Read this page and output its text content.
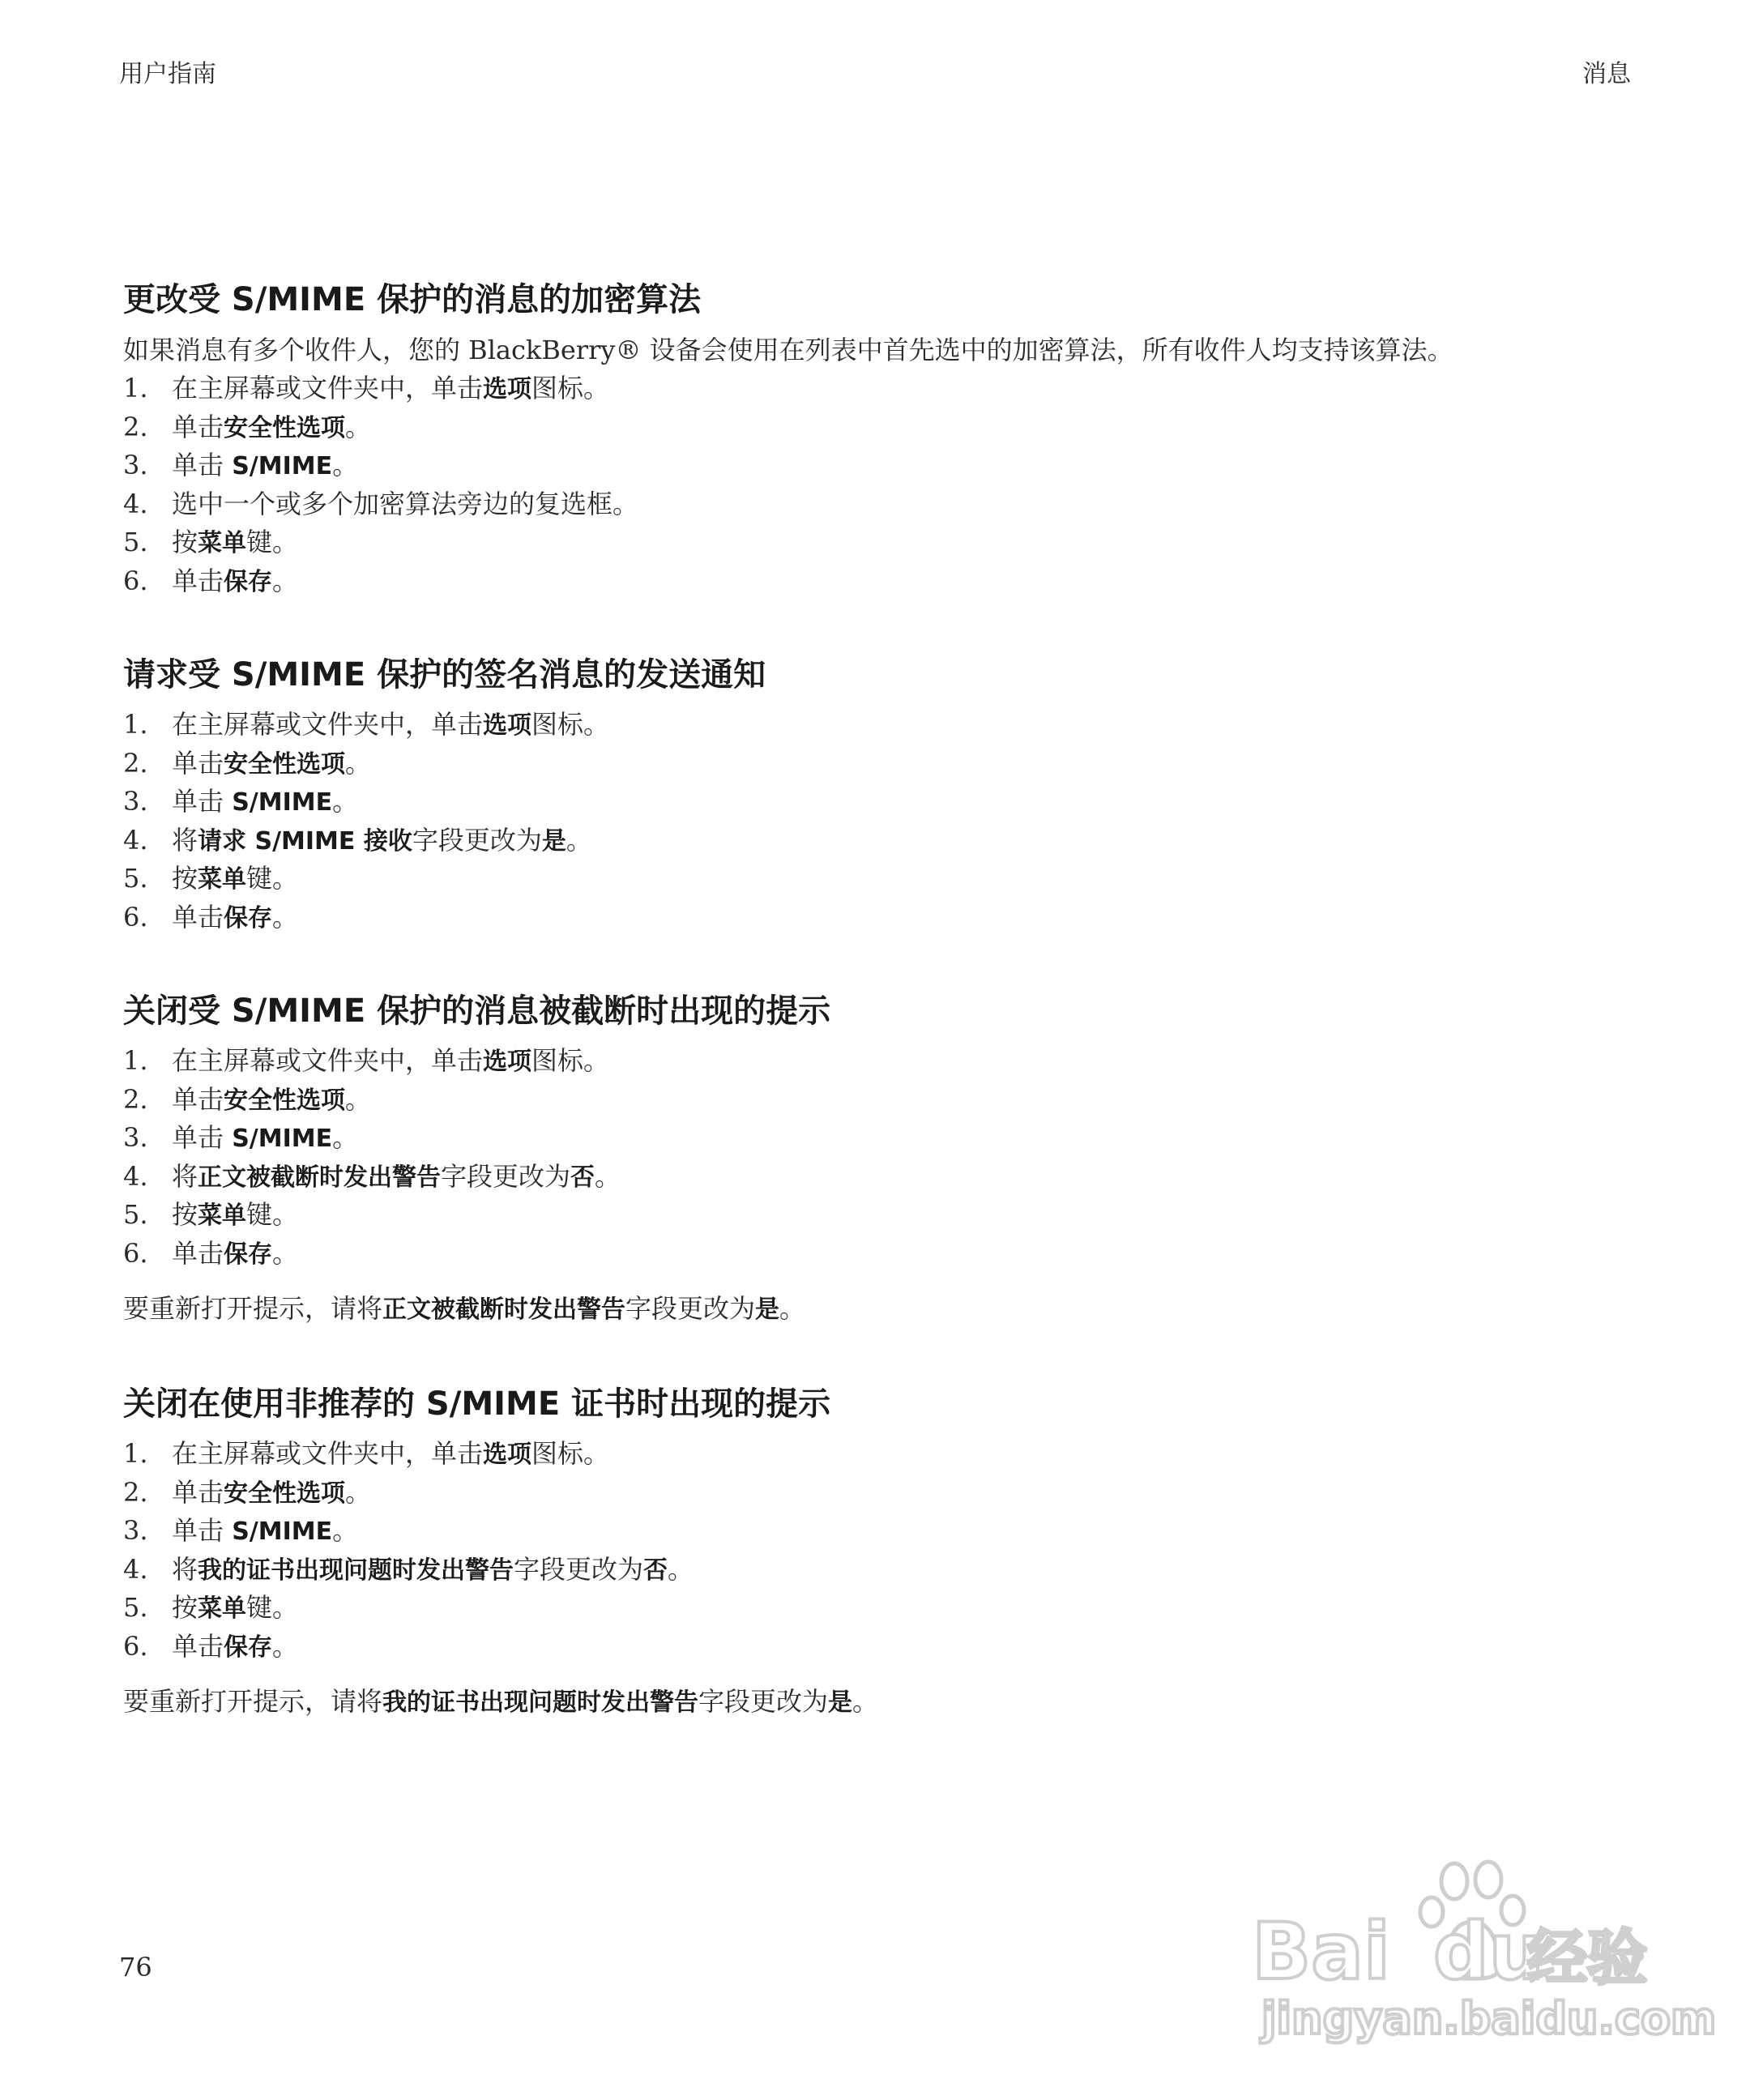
用户指南	消息
更改受 S/MIME 保护的消息的加密算法

如果消息有多个收件人，您的 BlackBerry® 设备会使用在列表中首先选中的加密算法，所有收件人均支持该算法。

1. 在主屏幕或文件夹中，单击选项图标。
2. 单击安全性选项。
3. 单击 S/MIME。
4. 选中一个或多个加密算法旁边的复选框。
5. 按菜单键。
6. 单击保存。
请求受 S/MIME 保护的签名消息的发送通知
1. 在主屏幕或文件夹中，单击选项图标。
2. 单击安全性选项。
3. 单击 S/MIME。
4. 将请求 S/MIME 接收字段更改为是。
5. 按菜单键。
6. 单击保存。
关闭受 S/MIME 保护的消息被截断时出现的提示
1. 在主屏幕或文件夹中，单击选项图标。
2. 单击安全性选项。
3. 单击 S/MIME。
4. 将正文被截断时发出警告字段更改为否。
5. 按菜单键。
6. 单击保存。

要重新打开提示，请将正文被截断时发出警告字段更改为是。

关闭在使用非推荐的 S/MIME 证书时出现的提示
1. 在主屏幕或文件夹中，单击选项图标。
2. 单击安全性选项。
3. 单击 S/MIME。
4. 将我的证书出现问题时发出警告字段更改为否。
5. 按菜单键。
6. 单击保存。

要重新打开提示，请将我的证书出现问题时发出警告字段更改为是。

76	Bai du
经验
jingyan.baidu.com
